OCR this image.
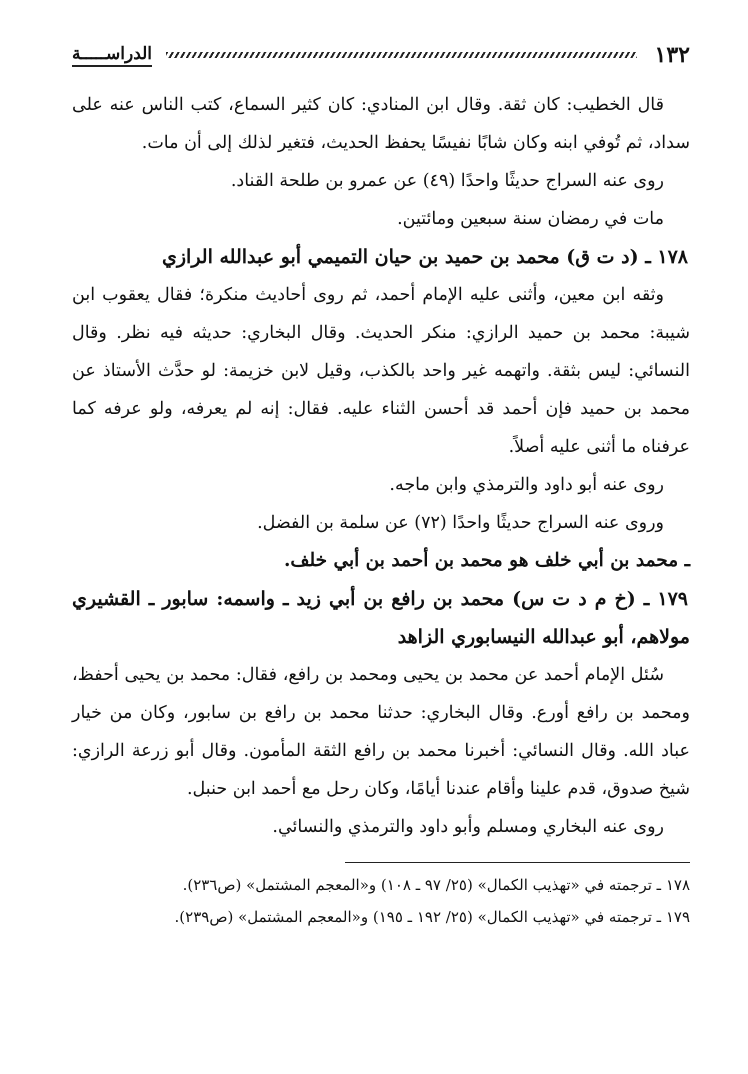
١٣٢
الدراســـــة

قال الخطيب: كان ثقة. وقال ابن المنادي: كان كثير السماع، كتب الناس عنه على سداد، ثم تُوفي ابنه وكان شابًا نفيسًا يحفظ الحديث، فتغير لذلك إلى أن مات.

روى عنه السراج حديثًا واحدًا (٤٩) عن عمرو بن طلحة القناد.

مات في رمضان سنة سبعين ومائتين.

١٧٨ ـ (د ت ق) محمد بن حميد بن حيان التميمي أبو عبدالله الرازي

وثقه ابن معين، وأثنى عليه الإمام أحمد، ثم روى أحاديث منكرة؛ فقال يعقوب ابن شيبة: محمد بن حميد الرازي: منكر الحديث. وقال البخاري: حديثه فيه نظر. وقال النسائي: ليس بثقة. واتهمه غير واحد بالكذب، وقيل لابن خزيمة: لو حدَّث الأستاذ عن محمد بن حميد فإن أحمد قد أحسن الثناء عليه. فقال: إنه لم يعرفه، ولو عرفه كما عرفناه ما أثنى عليه أصلاً.

روى عنه أبو داود والترمذي وابن ماجه.

وروى عنه السراج حديثًا واحدًا (٧٢) عن سلمة بن الفضل.

ـ محمد بن أبي خلف هو محمد بن أحمد بن أبي خلف.

١٧٩ ـ (خ م د ت س) محمد بن رافع بن أبي زيد ـ واسمه: سابور ـ القشيري مولاهم، أبو عبدالله النيسابوري الزاهد

سُئل الإمام أحمد عن محمد بن يحيى ومحمد بن رافع، فقال: محمد بن يحيى أحفظ، ومحمد بن رافع أورع. وقال البخاري: حدثنا محمد بن رافع بن سابور، وكان من خيار عباد الله. وقال النسائي: أخبرنا محمد بن رافع الثقة المأمون. وقال أبو زرعة الرازي: شيخ صدوق، قدم علينا وأقام عندنا أيامًا، وكان رحل مع أحمد ابن حنبل.

روى عنه البخاري ومسلم وأبو داود والترمذي والنسائي.

١٧٨ ـ ترجمته في «تهذيب الكمال» (٢٥/ ٩٧ ـ ١٠٨) و«المعجم المشتمل» (ص٢٣٦).

١٧٩ ـ ترجمته في «تهذيب الكمال» (٢٥/ ١٩٢ ـ ١٩٥) و«المعجم المشتمل» (ص٢٣٩).
